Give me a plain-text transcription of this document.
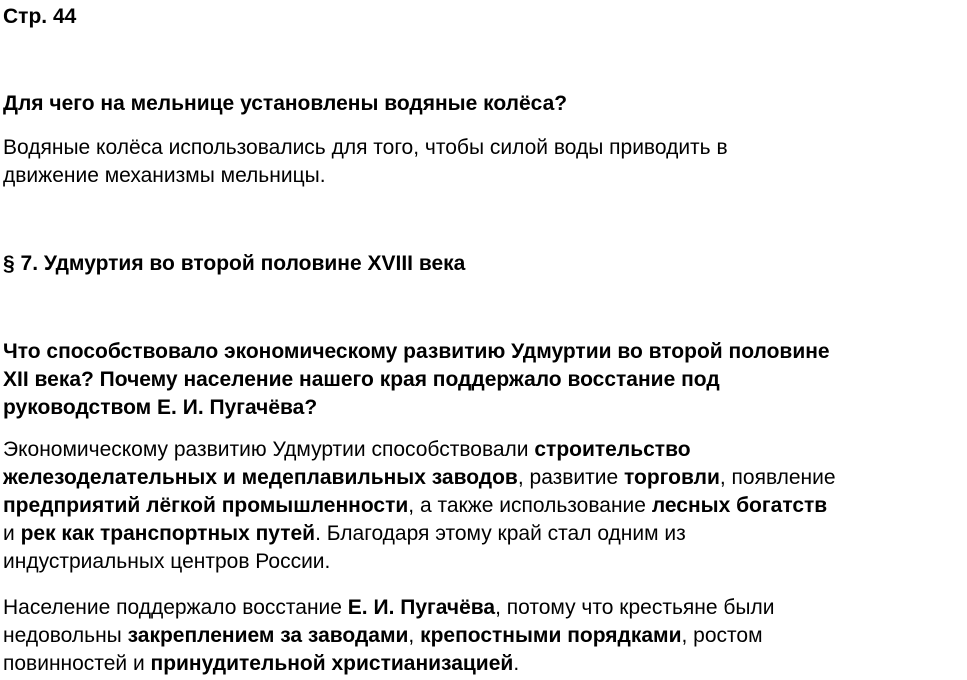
Стр. 44
Для чего на мельнице установлены водяные колёса?
Водяные колёса использовались для того, чтобы силой воды приводить в
движение механизмы мельницы.
§ 7. Удмуртия во второй половине XVIII века
Что способствовало экономическому развитию Удмуртии во второй половине
XII века? Почему население нашего края поддержало восстание под
руководством Е. И. Пугачёва?
Экономическому развитию Удмуртии способствовали строительство
железоделательных и медеплавильных заводов, развитие торговли, появление
предприятий лёгкой промышленности, а также использование лесных богатств
и рек как транспортных путей. Благодаря этому край стал одним из
индустриальных центров России.
Население поддержало восстание Е. И. Пугачёва, потому что крестьяне были
недовольны закреплением за заводами, крепостными порядками, ростом
повинностей и принудительной христианизацией.
